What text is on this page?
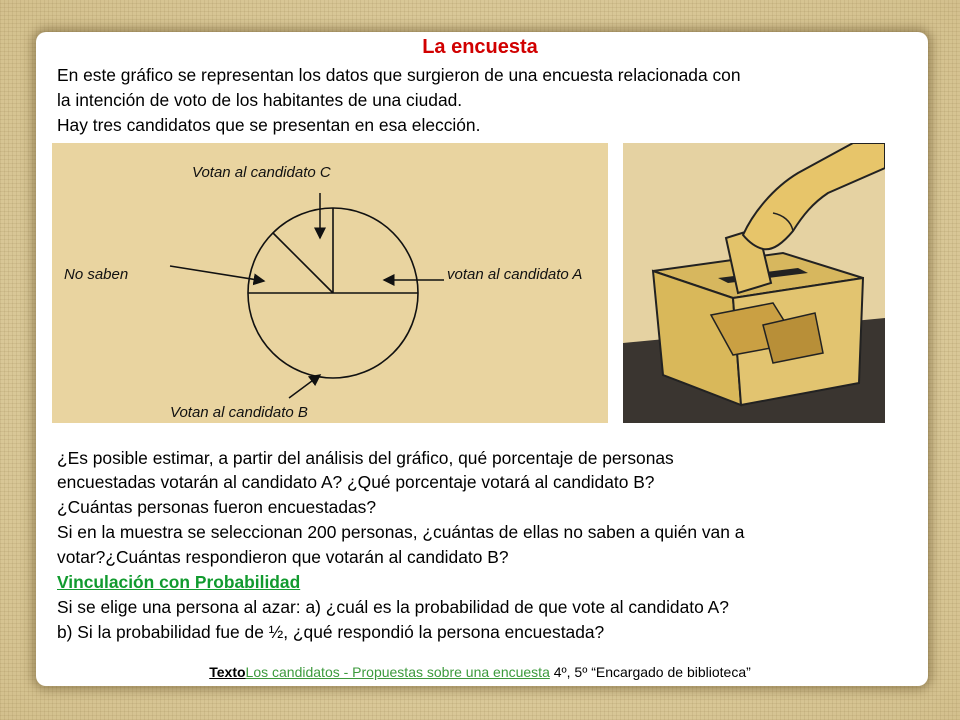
La encuesta
En este gráfico se representan los datos que surgieron de una encuesta relacionada con
la intención de voto de los habitantes de una ciudad.
Hay tres candidatos que se presentan en esa elección.
Votan al candidato C
No saben	votan al candidato A
Votan al candidato B
¿Es posible estimar, a partir del análisis del gráfico, qué porcentaje de personas
encuestadas votarán al candidato A? ¿Qué porcentaje votará al candidato B?
¿Cuántas personas fueron encuestadas?
Si en la muestra se seleccionan 200 personas, ¿cuántas de ellas no saben a quién van a
votar?¿Cuántas respondieron que votarán al candidato B?
Vinculación con Probabilidad
Si se elige una persona al azar: a) ¿cuál es la probabilidad de que vote al candidato A?
b) Si la probabilidad fue de ½, ¿qué respondió la persona encuestada?
TextoLos candidatos - Propuestas sobre una encuesta 4º, 5º “Encargado de biblioteca”
